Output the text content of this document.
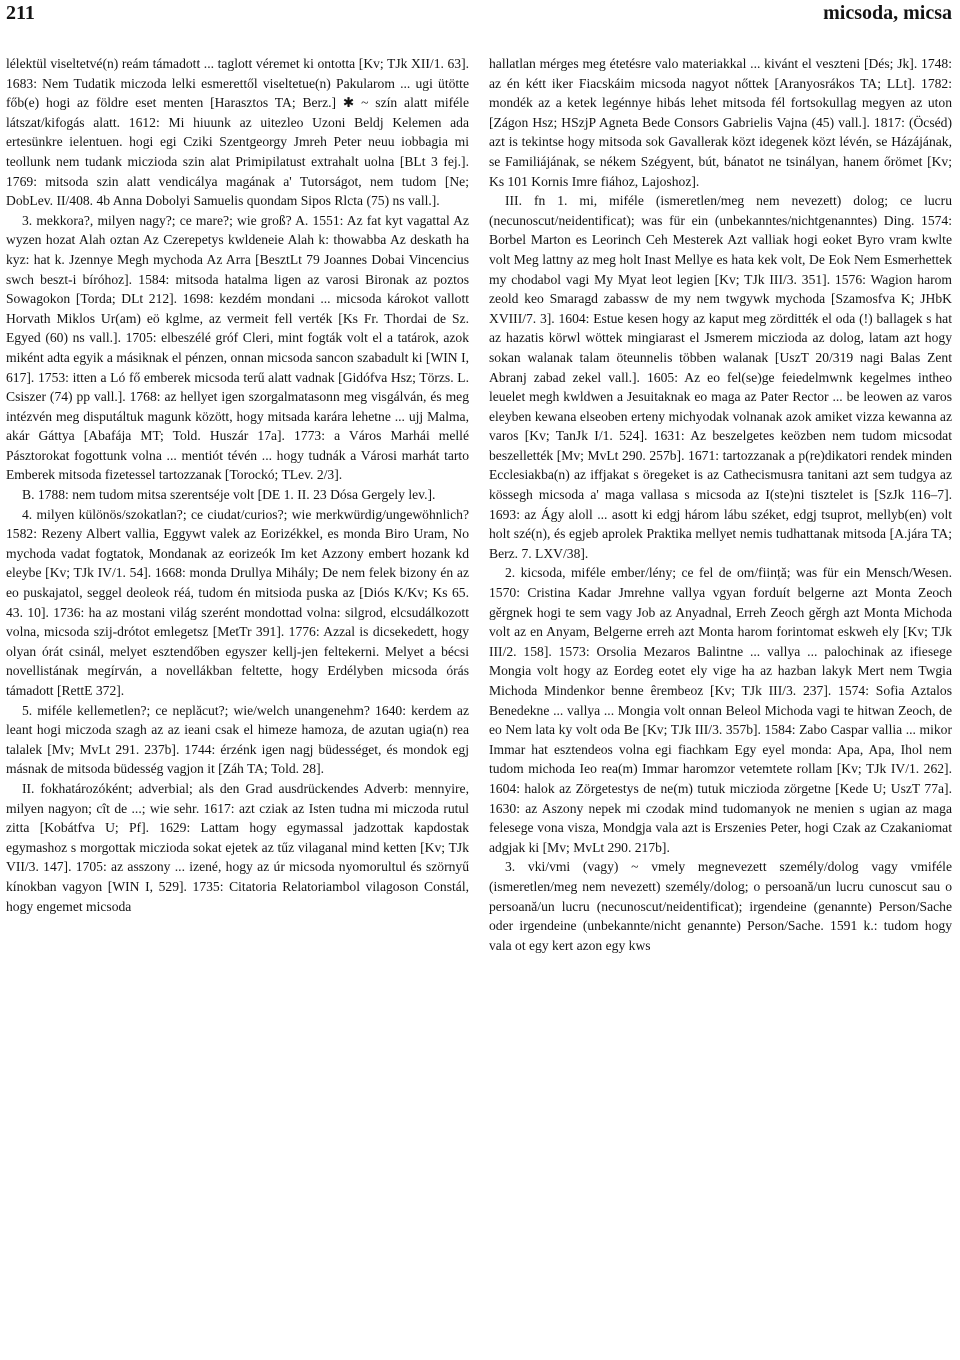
211	micsoda, micsa

lélektül viseltetvé(n) reám támadott ... taglott véremet ki ontotta [Kv; TJk XII/1. 63]. 1683: Nem Tudatik miczoda lelki esmerettől viseltetue(n) Pakularom ... ugi ütötte főb(e) hogi az földre eset menten [Harasztos TA; Berz.] ✱ ~ szín alatt miféle látszat/kifogás alatt. 1612: Mi hiuunk az uitezleo Uzoni Beldj Kelemen ada ertesünkre ielentuen. hogi egi Cziki Szentgeorgy Jmreh Peter neuu iobbagia mi teollunk nem tudank miczioda szin alat Primipilatust extrahalt uolna [BLt 3 fej.]. 1769: mitsoda szin alatt vendicálya magának a' Tutorságot, nem tudom [Ne; DobLev. II/408. 4b Anna Dobolyi Samuelis quondam Sipos Rlcta (75) ns vall.].

3. mekkora?, milyen nagy?; ce mare?; wie groß? A. 1551: Az fat kyt vagattal Az wyzen hozat Alah oztan Az Czerepetys kwldeneie Alah k: thowabba Az deskath ha kyz: hat k. Jzennye Megh mychoda Az Arra [BesztLt 79 Joannes Dobai Vincencius swch beszt-i bíróhoz]. 1584: mitsoda hatalma ligen az varosi Bironak az poztos Sowagokon [Torda; DLt 212]. 1698: kezdém mondani ... micsoda károkot vallott Horvath Miklos Ur(am) eö kglme, az vermeit fell verték [Ks Fr. Thordai de Sz. Egyed (60) ns vall.]. 1705: elbeszélé gróf Cleri, mint fogták volt el a tatárok, azok miként adta egyik a másiknak el pénzen, onnan micsoda sancon szabadult ki [WIN I, 617]. 1753: itten a Ló fő emberek micsoda terű alatt vadnak [Gidófva Hsz; Törzs. L. Csiszer (74) pp vall.]. 1768: az hellyet igen szorgalmatasonn meg visgálván, és meg intézvén meg disputáltuk magunk között, hogy mitsada karára lehetne ... ujj Malma, akár Gáttya [Abafája MT; Told. Huszár 17a]. 1773: a Város Marhái mellé Pásztorokat fogottunk volna ... mentiót tévén ... hogy tudnák a Városi marhát tarto Emberek mitsoda fizetessel tartozzanak [Torockó; TLev. 2/3].

B. 1788: nem tudom mitsa szerentséje volt [DE 1. II. 23 Dósa Gergely lev.].

4. milyen különös/szokatlan?; ce ciudat/curios?; wie merkwürdig/ungewöhnlich? 1582: Rezeny Albert vallia, Eggywt valek az Eorizékkel, es monda Biro Uram, No mychoda vadat fogtatok, Mondanak az eorizeók Im ket Azzony embert hozank kd eleybe [Kv; TJk IV/1. 54]. 1668: monda Drullya Mihály; De nem felek bizony én az eo puskajatol, seggel deoleok réá, tudom én mitsioda puska az [Diós K/Kv; Ks 65. 43. 10]. 1736: ha az mostani világ szerént mondottad volna: silgrod, elcsudálkozott volna, micsoda szij-drótot emlegetsz [MetTr 391]. 1776: Azzal is dicsekedett, hogy olyan órát csinál, melyet esztendőben egyszer kellj-jen feltekerni. Melyet a bécsi novellistának megírván, a novellákban feltette, hogy Erdélyben micsoda órás támadott [RettE 372].

5. miféle kellemetlen?; ce neplăcut?; wie/welch unangenehm? 1640: kerdem az leant hogi miczoda szagh az az ieani csak el himeze hamoza, de azutan ugia(n) rea talalek [Mv; MvLt 291. 237b]. 1744: érzénk igen nagj büdességet, és mondok egj másnak de mitsoda büdesség vagjon it [Záh TA; Told. 28].

II. fokhatározóként; adverbial; als den Grad ausdrückendes Adverb: mennyire, milyen nagyon; cît de ...; wie sehr. 1617: azt cziak az Isten tudna mi miczoda rutul zitta [Kobátfva U; Pf]. 1629: Lattam hogy egymassal jadzottak kapdostak egymashoz s morgottak miczioda sokat ejetek az tűz vilaganal mind ketten [Kv; TJk VII/3. 147]. 1705: az asszony ... izené, hogy az úr micsoda nyomorultul és szörnyű kínokban vagyon [WIN I, 529]. 1735: Citatoria Relatoriambol vilagoson Constál, hogy engemet micsoda

hallatlan mérges meg étetésre valo materiakkal ... kivánt el veszteni [Dés; Jk]. 1748: az én kétt iker Fiacskáim micsoda nagyot nőttek [Aranyosrákos TA; LLt]. 1782: mondék az a ketek legénnye hibás lehet mitsoda fél fortsokullag megyen az uton [Zágon Hsz; HSzjP Agneta Bede Consors Gabrielis Vajna (45) vall.]. 1817: (Öcséd) azt is tekintse hogy mitsoda sok Gavallerak közt idegenek közt lévén, se Házájának, se Familiájának, se nékem Szégyent, bút, bánatot ne tsinályan, hanem őrömet [Kv; Ks 101 Kornis Imre fiához, Lajoshoz].

III. fn 1. mi, miféle (ismeretlen/meg nem nevezett) dolog; ce lucru (necunoscut/neidentificat); was für ein (unbekanntes/nichtgenanntes) Ding. 1574: Borbel Marton es Leorinch Ceh Mesterek Azt valliak hogi eoket Byro vram kwlte volt Meg lattny az meg holt Inast Mellye es hata kek volt, De Eok Nem Esmerhettek my chodabol vagi My Myat leot legien [Kv; TJk III/3. 351]. 1576: Wagion harom zeold keo Smaragd zabassw de my nem twgywk mychoda [Szamosfva K; JHbK XVIII/7. 3]. 1604: Estue kesen hogy az kaput meg zörditték el oda (!) ballagek s hat az hazatis körwl wöttek mingiarast el Jsmerem miczioda az dolog, latam azt hogy sokan walanak talam öteunnelis többen walanak [UszT 20/319 nagi Balas Zent Abranj zabad zekel vall.]. 1605: Az eo fel(se)ge feiedelmwnk kegelmes intheo leuelet megh kwldwen a Jesuitaknak eo maga az Pater Rector ... be leowen az varos eleyben kewana elseoben erteny michyodak volnanak azok amiket vizza kewanna az varos [Kv; TanJk I/1. 524]. 1631: Az beszelgetes keözben nem tudom micsodat beszellették [Mv; MvLt 290. 257b]. 1671: tartozzanak a p(re)dikatori rendek minden Ecclesiakba(n) az iffjakat s öregeket is az Cathecismusra tanitani azt sem tudgya az kössegh micsoda a' maga vallasa s micsoda az I(ste)ni tisztelet is [SzJk 116–7]. 1693: az Ágy aloll ... asott ki edgj három lábu széket, edgj tsuprot, mellyb(en) volt holt szé(n), és egjeb aprolek Praktika mellyet nemis tudhattanak mitsoda [A.jára TA; Berz. 7. LXV/38].

2. kicsoda, miféle ember/lény; ce fel de om/ființă; was für ein Mensch/Wesen. 1570: Cristina Kadar Jmrehne vallya vgyan forduít belgerne azt Monta Zeoch gěrgnek hogi te sem vagy Job az Anyadnal, Erreh Zeoch gěrgh azt Monta Michoda volt az en Anyam, Belgerne erreh azt Monta harom forintomat eskweh ely [Kv; TJk III/2. 158]. 1573: Orsolia Mezaros Balintne ... vallya ... palochinak az ifiesege Mongia volt hogy az Eordeg eotet ely vige ha az hazban lakyk Mert nem Twgia Michoda Mindenkor benne êrembeoz [Kv; TJk III/3. 237]. 1574: Sofia Aztalos Benedekne ... vallya ... Mongia volt onnan Beleol Michoda vagi te hitwan Zeoch, de eo Nem lata ky volt oda Be [Kv; TJk III/3. 357b]. 1584: Zabo Caspar vallia ... mikor Immar hat esztendeos volna egi fiachkam Egy eyel monda: Apa, Apa, Ihol nem tudom michoda Ieo rea(m) Immar haromzor vetemtete rollam [Kv; TJk IV/1. 262]. 1604: halok az Zörgetestys de ne(m) tutuk miczioda zörgetne [Kede U; UszT 77a]. 1630: az Aszony nepek mi czodak mind tudomanyok ne menien s ugian az maga felesege vona visza, Mondgja vala azt is Erszenies Peter, hogi Czak az Czakaniomat adgjak ki [Mv; MvLt 290. 217b].

3. vki/vmi (vagy) ~ vmely megnevezett személy/dolog vagy vmiféle (ismeretlen/meg nem nevezett) személy/dolog; o persoană/un lucru cunoscut sau o persoană/un lucru (necunoscut/neidentificat); irgendeine (genannte) Person/Sache oder irgendeine (unbekannte/nicht genannte) Person/Sache. 1591 k.: tudom hogy vala ot egy kert azon egy kws
